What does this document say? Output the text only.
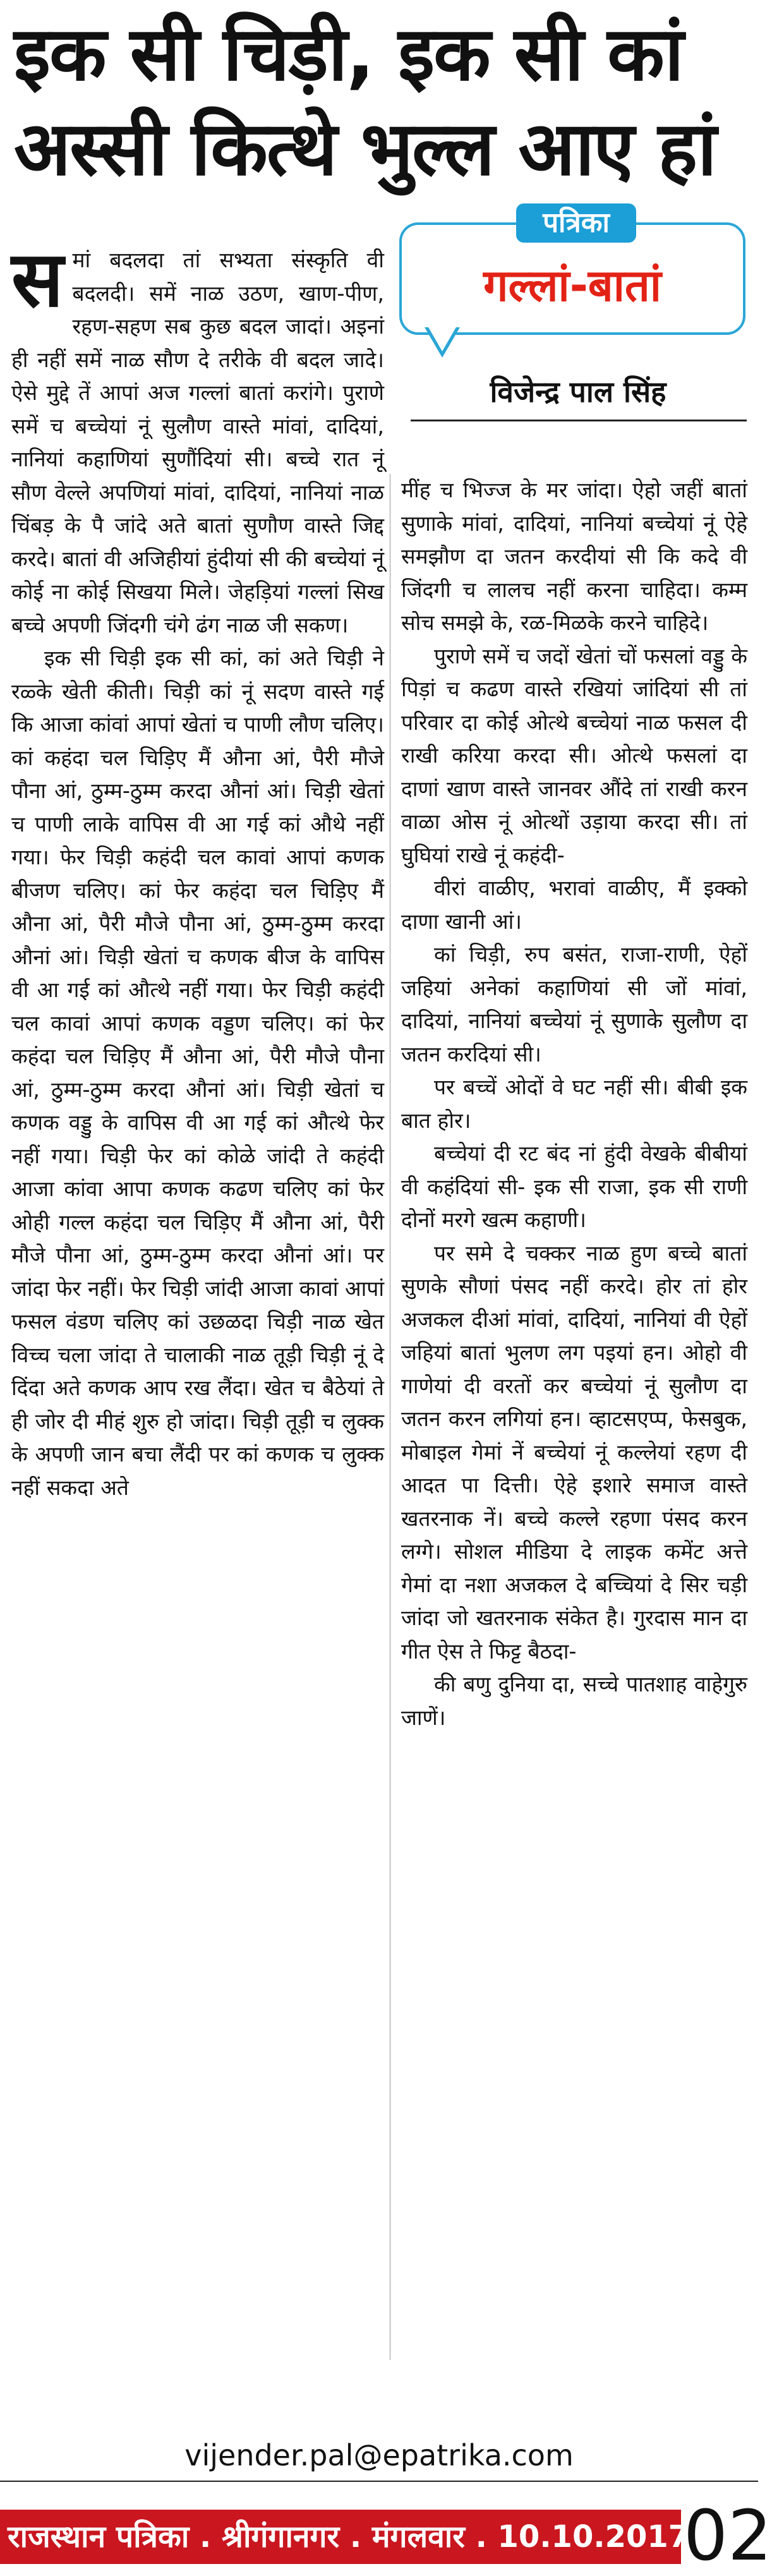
इक सी चिड़ी, इक सी कां
अस्सी कित्थे भुल्ल आए हां
पत्रिका
गल्लां-बातां
विजेन्द्र पाल सिंह

समां बदलदा तां सभ्यता संस्कृति वी बदलदी। समें नाळ उठण, खाण-पीण, रहण-सहण सब कुछ बदल जादां। अइनां ही नहीं समें नाळ सौण दे तरीके वी बदल जादे। ऐसे मुद्दे तें आपां अज गल्लां बातां करांगे। पुराणे समें च बच्चेयां नूं सुलौण वास्ते मांवां, दादियां, नानियां कहाणियां सुणौंदियां सी। बच्चे रात नूं सौण वेल्ले अपणियां मांवां, दादियां, नानियां नाळ चिंबड़ के पै जांदे अते बातां सुणौण वास्ते जिद्द करदे। बातां वी अजिहीयां हुंदीयां सी की बच्चेयां नूं कोई ना कोई सिखया मिले। जेहड़ियां गल्लां सिख बच्चे अपणी जिंदगी चंगे ढंग नाळ जी सकण।

इक सी चिड़ी इक सी कां, कां अते चिड़ी ने रळ्के खेती कीती। चिड़ी कां नूं सदण वास्ते गई कि आजा कांवां आपां खेतां च पाणी लौण चलिए। कां कहंदा चल चिड़िए मैं औना आं, पैरी मौजे पौना आं, ठुम्म-ठुम्म करदा औनां आं। चिड़ी खेतां च पाणी लाके वापिस वी आ गई कां औथे नहीं गया। फेर चिड़ी कहंदी चल कावां आपां कणक बीजण चलिए। कां फेर कहंदा चल चिड़िए मैं औना आं, पैरी मौजे पौना आं, ठुम्म-ठुम्म करदा औनां आं। चिड़ी खेतां च कणक बीज के वापिस वी आ गई कां औत्थे नहीं गया। फेर चिड़ी कहंदी चल कावां आपां कणक वड्डण चलिए। कां फेर कहंदा चल चिड़िए मैं औना आं, पैरी मौजे पौना आं, ठुम्म-ठुम्म करदा औनां आं। चिड़ी खेतां च कणक वड्डु के वापिस वी आ गई कां औत्थे फेर नहीं गया। चिड़ी फेर कां कोळे जांदी ते कहंदी आजा कांवा आपा कणक कढण चलिए कां फेर ओही गल्ल कहंदा चल चिड़िए मैं औना आं, पैरी मौजे पौना आं, ठुम्म-ठुम्म करदा औनां आं। पर जांदा फेर नहीं। फेर चिड़ी जांदी आजा कावां आपां फसल वंडण चलिए कां उछळदा चिड़ी नाळ खेत विच्च चला जांदा ते चालाकी नाळ तूड़ी चिड़ी नूं दे दिंदा अते कणक आप रख लैंदा। खेत च बैठेयां ते ही जोर दी मीहं शुरु हो जांदा। चिड़ी तूड़ी च लुक्क के अपणी जान बचा लैंदी पर कां कणक च लुक्क नहीं सकदा अते

मींह च भिज्ज के मर जांदा। ऐहो जहीं बातां सुणाके मांवां, दादियां, नानियां बच्चेयां नूं ऐहे समझौण दा जतन करदीयां सी कि कदे वी जिंदगी च लालच नहीं करना चाहिदा। कम्म सोच समझे के, रळ-मिळके करने चाहिदे।

पुराणे समें च जदों खेतां चों फसलां वड्डु के पिड़ां च कढण वास्ते रखियां जांदियां सी तां परिवार दा कोई ओत्थे बच्चेयां नाळ फसल दी राखी करिया करदा सी। ओत्थे फसलां दा दाणां खाण वास्ते जानवर औंदे तां राखी करन वाळा ओस नूं ओत्थों उड़ाया करदा सी। तां घुघियां राखे नूं कहंदी-

वीरां वाळीए, भरावां वाळीए, मैं इक्को दाणा खानी आं।

कां चिड़ी, रुप बसंत, राजा-राणी, ऐहों जहियां अनेकां कहाणियां सी जों मांवां, दादियां, नानियां बच्चेयां नूं सुणाके सुलौण दा जतन करदियां सी।

पर बच्चें ओदों वे घट नहीं सी। बीबी इक बात होर।

बच्चेयां दी रट बंद नां हुंदी वेखके बीबीयां वी कहंदियां सी- इक सी राजा, इक सी राणी दोनों मरगे खत्म कहाणी।

पर समे दे चक्कर नाळ हुण बच्चे बातां सुणके सौणां पंसद नहीं करदे। होर तां होर अजकल दीआं मांवां, दादियां, नानियां वी ऐहों जहियां बातां भुलण लग पइयां हन। ओहो वी गाणेयां दी वरतों कर बच्चेयां नूं सुलौण दा जतन करन लगियां हन। व्हाटसएप्प, फेसबुक, मोबाइल गेमां नें बच्चेयां नूं कल्लेयां रहण दी आदत पा दित्ती। ऐहे इशारे समाज वास्ते खतरनाक नें। बच्चे कल्ले रहणा पंसद करन लग्गे। सोशल मीडिया दे लाइक कमेंट अत्ते गेमां दा नशा अजकल दे बच्चियां दे सिर चड़ी जांदा जो खतरनाक संकेत है। गुरदास मान दा गीत ऐस ते फिट्ट बैठदा-

की बणु दुनिया दा, सच्चे पातशाह वाहेगुरु जाणें।

vijender.pal@epatrika.com
राजस्थान पत्रिका . श्रीगंगानगर . मंगलवार . 10.10.2017
02
